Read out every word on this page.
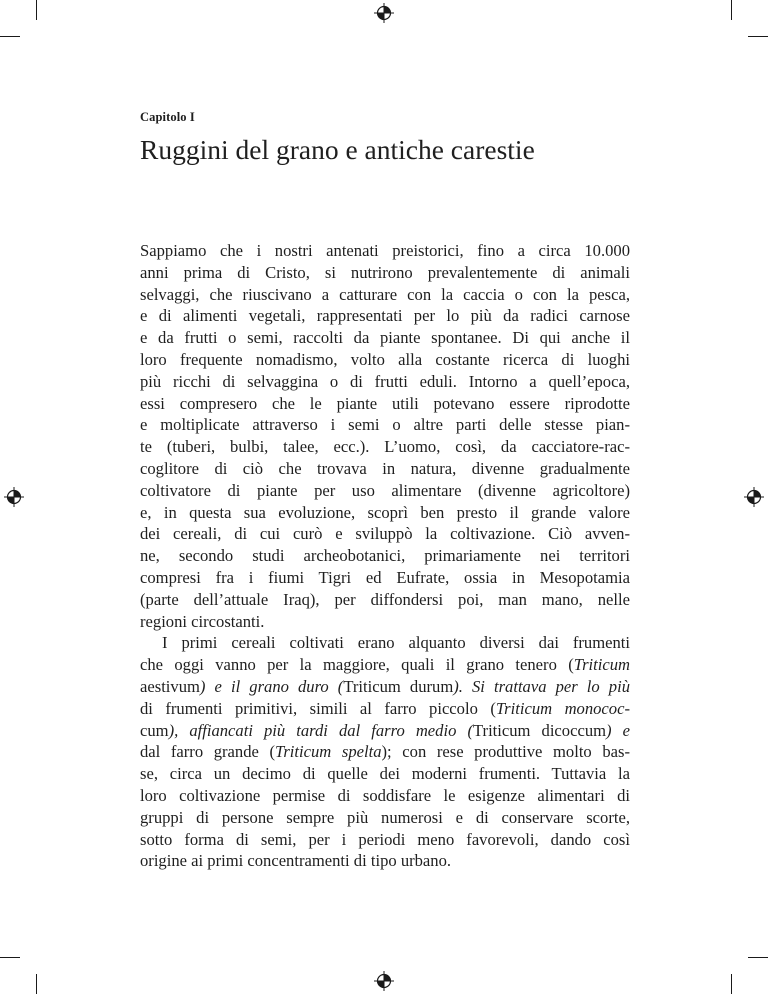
Capitolo I
Ruggini del grano e antiche carestie
Sappiamo che i nostri antenati preistorici, fino a circa 10.000
anni prima di Cristo, si nutrirono prevalentemente di animali
selvaggi, che riuscivano a catturare con la caccia o con la pesca,
e di alimenti vegetali, rappresentati per lo più da radici carnose
e da frutti o semi, raccolti da piante spontanee. Di qui anche il
loro frequente nomadismo, volto alla costante ricerca di luoghi
più ricchi di selvaggina o di frutti eduli. Intorno a quell’epoca,
essi compresero che le piante utili potevano essere riprodotte
e moltiplicate attraverso i semi o altre parti delle stesse pian-
te (tuberi, bulbi, talee, ecc.). L’uomo, così, da cacciatore-rac-
coglitore di ciò che trovava in natura, divenne gradualmente
coltivatore di piante per uso alimentare (divenne agricoltore)
e, in questa sua evoluzione, scoprì ben presto il grande valore
dei cereali, di cui curò e sviluppò la coltivazione. Ciò avven-
ne, secondo studi archeobotanici, primariamente nei territori
compresi fra i fiumi Tigri ed Eufrate, ossia in Mesopotamia
(parte dell’attuale Iraq), per diffondersi poi, man mano, nelle
regioni circostanti.
I primi cereali coltivati erano alquanto diversi dai frumenti
che oggi vanno per la maggiore, quali il grano tenero (Triticum
aestivum) e il grano duro (Triticum durum). Si trattava per lo più
di frumenti primitivi, simili al farro piccolo (Triticum monococ-
cum), affiancati più tardi dal farro medio (Triticum dicoccum) e
dal farro grande (Triticum spelta); con rese produttive molto bas-
se, circa un decimo di quelle dei moderni frumenti. Tuttavia la
loro coltivazione permise di soddisfare le esigenze alimentari di
gruppi di persone sempre più numerosi e di conservare scorte,
sotto forma di semi, per i periodi meno favorevoli, dando così
origine ai primi concentramenti di tipo urbano.
